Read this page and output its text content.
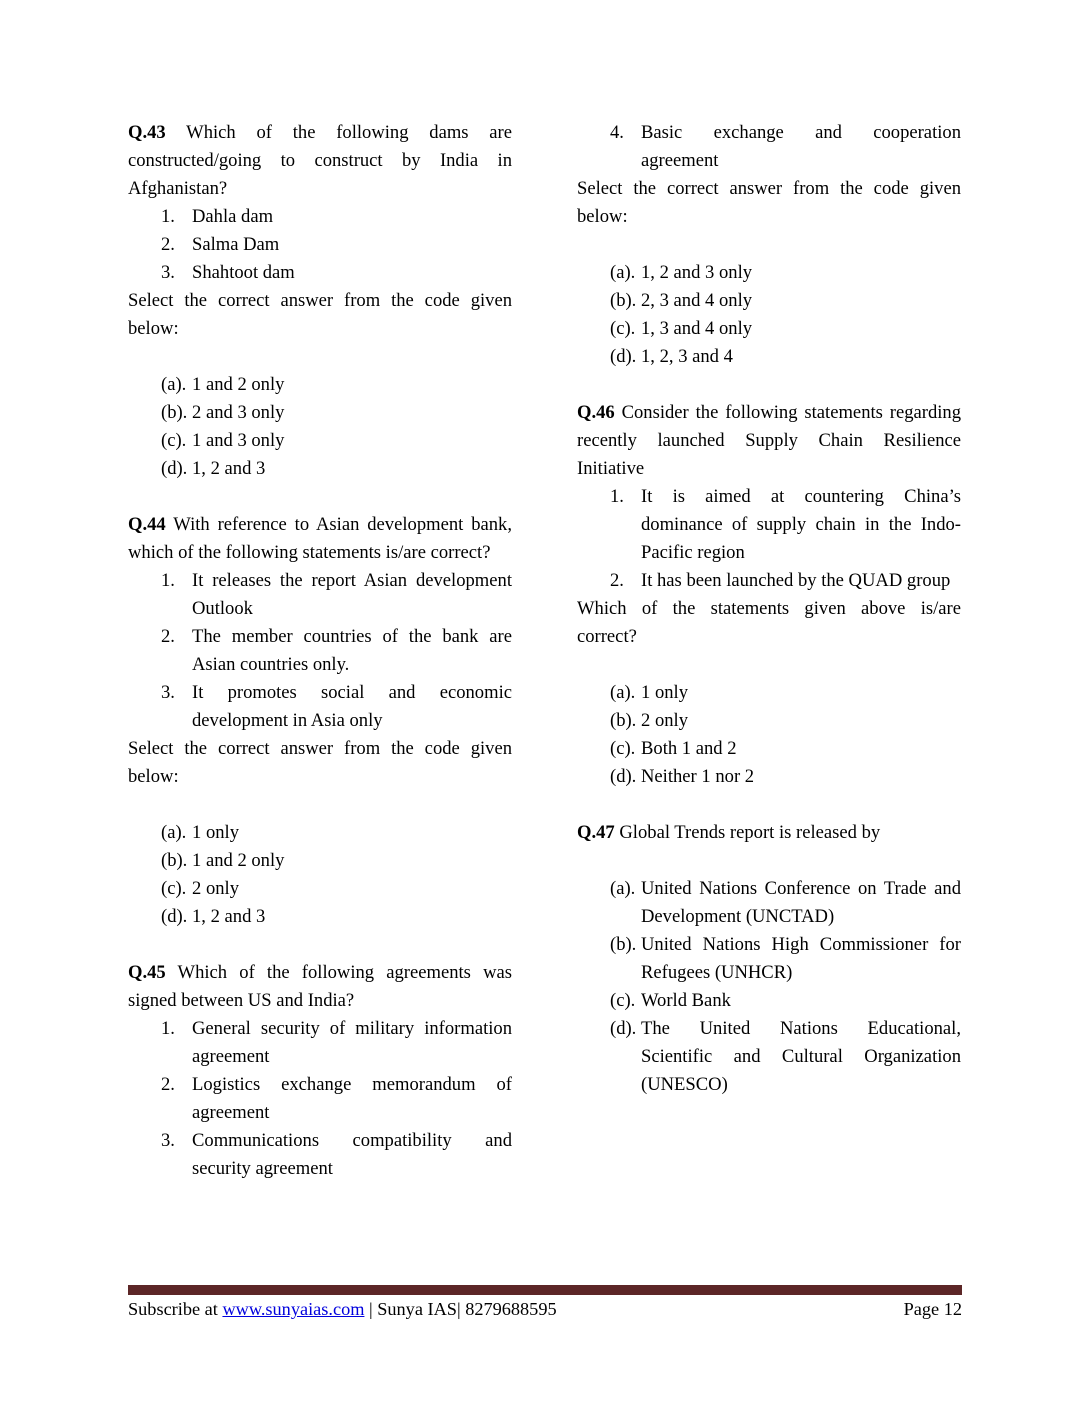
Q.43 Which of the following dams are constructed/going to construct by India in Afghanistan?

1. Dahla dam
2. Salma Dam
3. Shahtoot dam

Select the correct answer from the code given below:

(a). 1 and 2 only
(b). 2 and 3 only
(c). 1 and 3 only
(d). 1, 2 and 3

Q.44 With reference to Asian development bank, which of the following statements is/are correct?

1. It releases the report Asian development Outlook
2. The member countries of the bank are Asian countries only.
3. It promotes social and economic development in Asia only

Select the correct answer from the code given below:

(a). 1 only
(b). 1 and 2 only
(c). 2 only
(d). 1, 2 and 3

Q.45 Which of the following agreements was signed between US and India?

1. General security of military information agreement
2. Logistics exchange memorandum of agreement
3. Communications compatibility and security agreement
4. Basic exchange and cooperation agreement

Select the correct answer from the code given below:

(a). 1, 2 and 3 only
(b). 2, 3 and 4 only
(c). 1, 3 and 4 only
(d). 1, 2, 3 and 4

Q.46 Consider the following statements regarding recently launched Supply Chain Resilience Initiative

1. It is aimed at countering China’s dominance of supply chain in the Indo-Pacific region
2. It has been launched by the QUAD group

Which of the statements given above is/are correct?

(a). 1 only
(b). 2 only
(c). Both 1 and 2
(d). Neither 1 nor 2

Q.47 Global Trends report is released by

(a). United Nations Conference on Trade and Development (UNCTAD)
(b). United Nations High Commissioner for Refugees (UNHCR)
(c). World Bank
(d). The United Nations Educational, Scientific and Cultural Organization (UNESCO)
Subscribe at www.sunyaias.com | Sunya IAS| 8279688595	Page 12
